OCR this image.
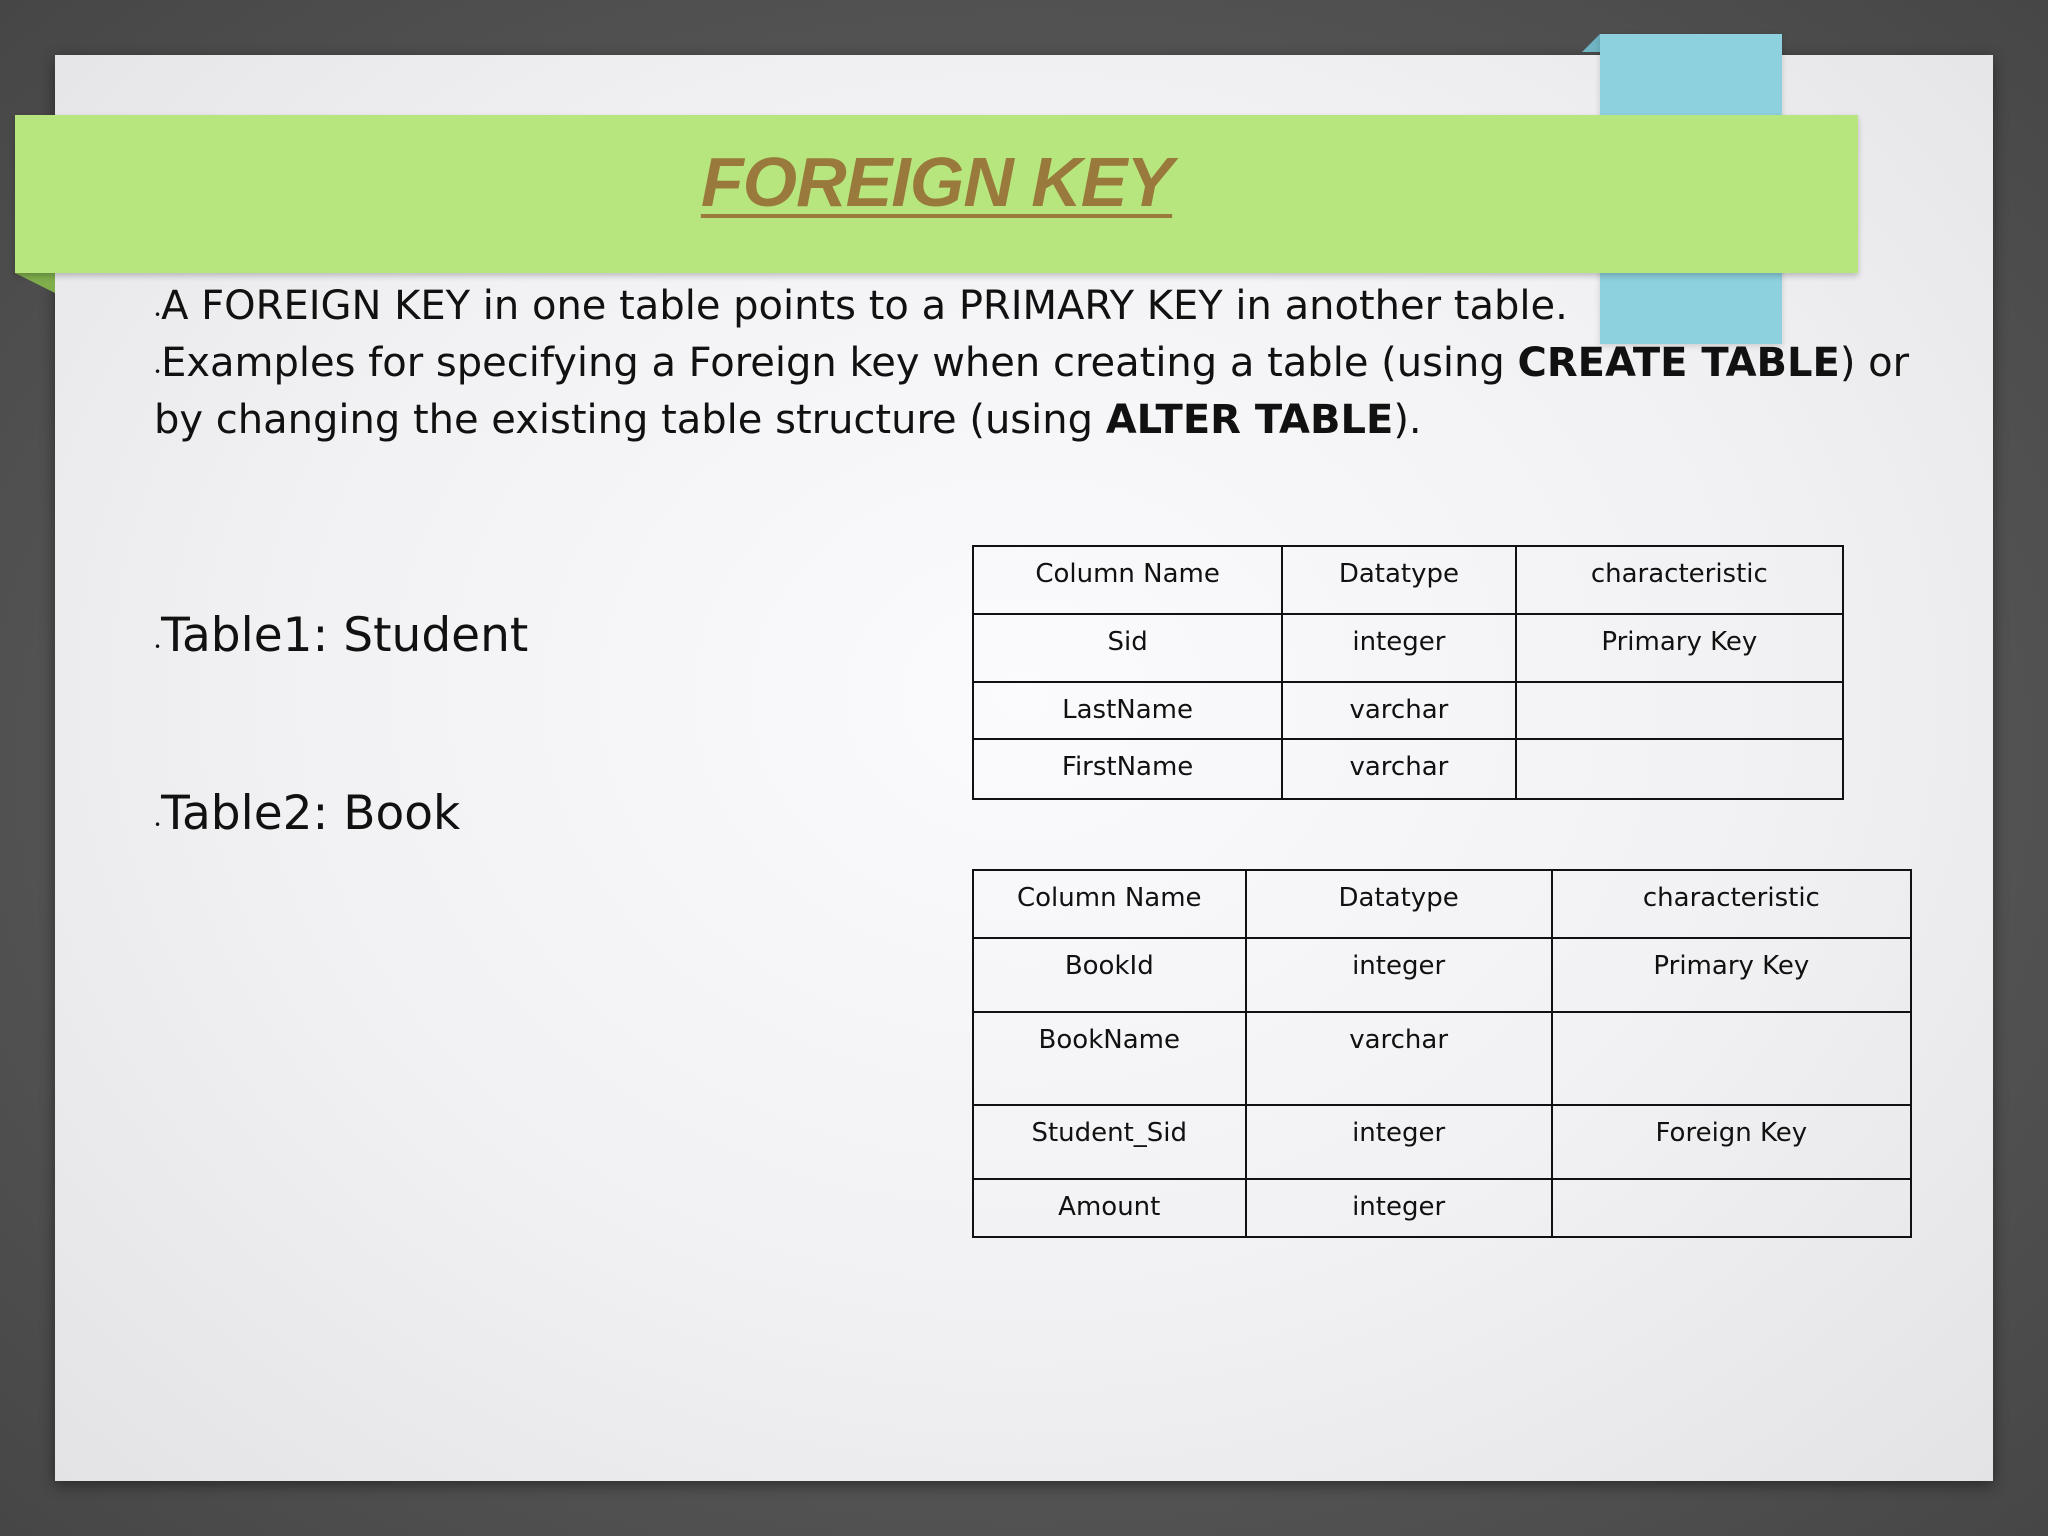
FOREIGN KEY

•A FOREIGN KEY in one table points to a PRIMARY KEY in another table.

•Examples for specifying a Foreign key when creating a table (using CREATE TABLE) or by changing the existing table structure (using ALTER TABLE).

•Table1: Student
•Table2: Book
Column Name	Datatype	characteristic
Sid	integer	Primary Key
LastName	varchar	
FirstName	varchar	
Column Name	Datatype	characteristic
BookId	integer	Primary Key
BookName	varchar	
Student_Sid	integer	Foreign Key
Amount	integer	
